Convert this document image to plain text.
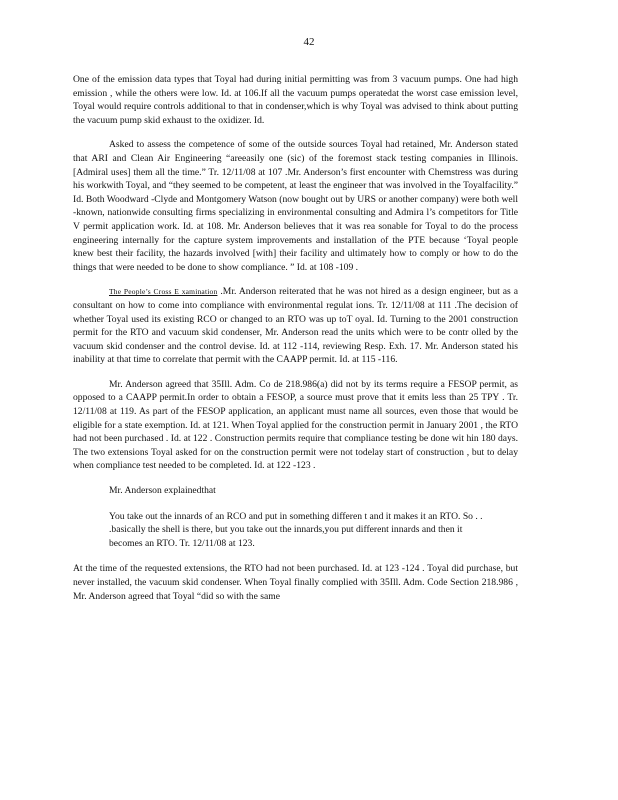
42

One of the emission data types that Toyal had during initial permitting was from 3 vacuum pumps. One had high emission , while the others were low. Id. at 106.If all the vacuum pumps operatedat the worst case emission level, Toyal would require controls additional to that in condenser,which is why Toyal was advised to think about putting the vacuum pump skid exhaust to the oxidizer. Id.

Asked to assess the competence of some of the outside sources Toyal had retained, Mr. Anderson stated that ARI and Clean Air Engineering “areeasily one (sic) of the foremost stack testing companies in Illinois. [Admiral uses] them all the time.” Tr. 12/11/08 at 107 .Mr. Anderson’s first encounter with Chemstress was during his workwith Toyal, and “they seemed to be competent, at least the engineer that was involved in the Toyalfacility.” Id. Both Woodward -Clyde and Montgomery Watson (now bought out by URS or another company) were both well -known, nationwide consulting firms specializing in environmental consulting and Admira l’s competitors for Title V permit application work. Id. at 108. Mr. Anderson believes that it was rea sonable for Toyal to do the process engineering internally for the capture system improvements and installation of the PTE because ‘Toyal people knew best their facility, the hazards involved [with] their facility and ultimately how to comply or how to do the things that were needed to be done to show compliance. ” Id. at 108 -109 .

The People’s Cross E xamination .Mr. Anderson reiterated that he was not hired as a design engineer, but as a consultant on how to come into compliance with environmental regulat ions. Tr. 12/11/08 at 111 .The decision of whether Toyal used its existing RCO or changed to an RTO was up toT oyal. Id. Turning to the 2001 construction permit for the RTO and vacuum skid condenser, Mr. Anderson read the units which were to be contr olled by the vacuum skid condenser and the control devise. Id. at 112 -114, reviewing Resp. Exh. 17. Mr. Anderson stated his inability at that time to correlate that permit with the CAAPP permit. Id. at 115 -116.

Mr. Anderson agreed that 35Ill. Adm. Co de 218.986(a) did not by its terms require a FESOP permit, as opposed to a CAAPP permit.In order to obtain a FESOP, a source must prove that it emits less than 25 TPY . Tr. 12/11/08 at 119. As part of the FESOP application, an applicant must name all sources, even those that would be eligible for a state exemption. Id. at 121. When Toyal applied for the construction permit in January 2001 , the RTO had not been purchased . Id. at 122 . Construction permits require that compliance testing be done wit hin 180 days. The two extensions Toyal asked for on the construction permit were not todelay start of construction , but to delay when compliance test needed to be completed. Id. at 122 -123 .

Mr. Anderson explainedthat

You take out the innards of an RCO and put in something differen t and it makes it an RTO. So . . .basically the shell is there, but you take out the innards,you put different innards and then it becomes an RTO. Tr. 12/11/08 at 123.

At the time of the requested extensions, the RTO had not been purchased. Id. at 123 -124 . Toyal did purchase, but never installed, the vacuum skid condenser. When Toyal finally complied with 35Ill. Adm. Code Section 218.986 , Mr. Anderson agreed that Toyal “did so with the same
